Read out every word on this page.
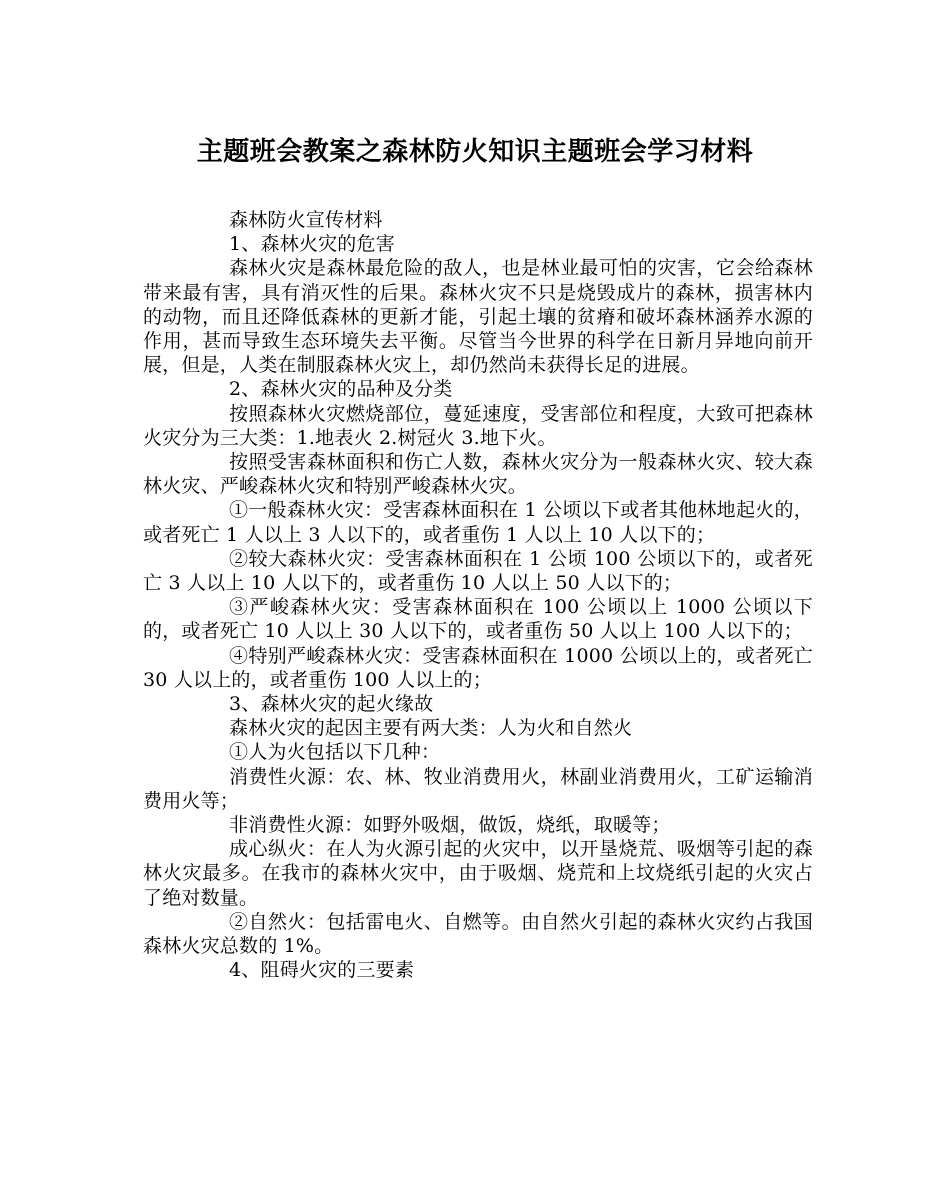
主题班会教案之森林防火知识主题班会学习材料

森林防火宣传材料

1、森林火灾的危害

森林火灾是森林最危险的敌人，也是林业最可怕的灾害，它会给森林带来最有害，具有消灭性的后果。森林火灾不只是烧毁成片的森林，损害林内的动物，而且还降低森林的更新才能，引起土壤的贫瘠和破坏森林涵养水源的作用，甚而导致生态环境失去平衡。尽管当今世界的科学在日新月异地向前开展，但是，人类在制服森林火灾上，却仍然尚未获得长足的进展。

2、森林火灾的品种及分类

按照森林火灾燃烧部位，蔓延速度，受害部位和程度，大致可把森林火灾分为三大类：1.地表火 2.树冠火 3.地下火。

按照受害森林面积和伤亡人数，森林火灾分为一般森林火灾、较大森林火灾、严峻森林火灾和特别严峻森林火灾。

①一般森林火灾：受害森林面积在 1 公顷以下或者其他林地起火的，或者死亡 1 人以上 3 人以下的，或者重伤 1 人以上 10 人以下的；

②较大森林火灾：受害森林面积在 1 公顷 100 公顷以下的，或者死亡 3 人以上 10 人以下的，或者重伤 10 人以上 50 人以下的；

③严峻森林火灾：受害森林面积在 100 公顷以上 1000 公顷以下的，或者死亡 10 人以上 30 人以下的，或者重伤 50 人以上 100 人以下的；

④特别严峻森林火灾：受害森林面积在 1000 公顷以上的，或者死亡 30 人以上的，或者重伤 100 人以上的；

3、森林火灾的起火缘故

森林火灾的起因主要有两大类：人为火和自然火

①人为火包括以下几种：

消费性火源：农、林、牧业消费用火，林副业消费用火，工矿运输消费用火等；

非消费性火源：如野外吸烟，做饭，烧纸，取暖等；

成心纵火：在人为火源引起的火灾中，以开垦烧荒、吸烟等引起的森林火灾最多。在我市的森林火灾中，由于吸烟、烧荒和上坟烧纸引起的火灾占了绝对数量。

②自然火：包括雷电火、自燃等。由自然火引起的森林火灾约占我国森林火灾总数的 1%。

4、阻碍火灾的三要素
